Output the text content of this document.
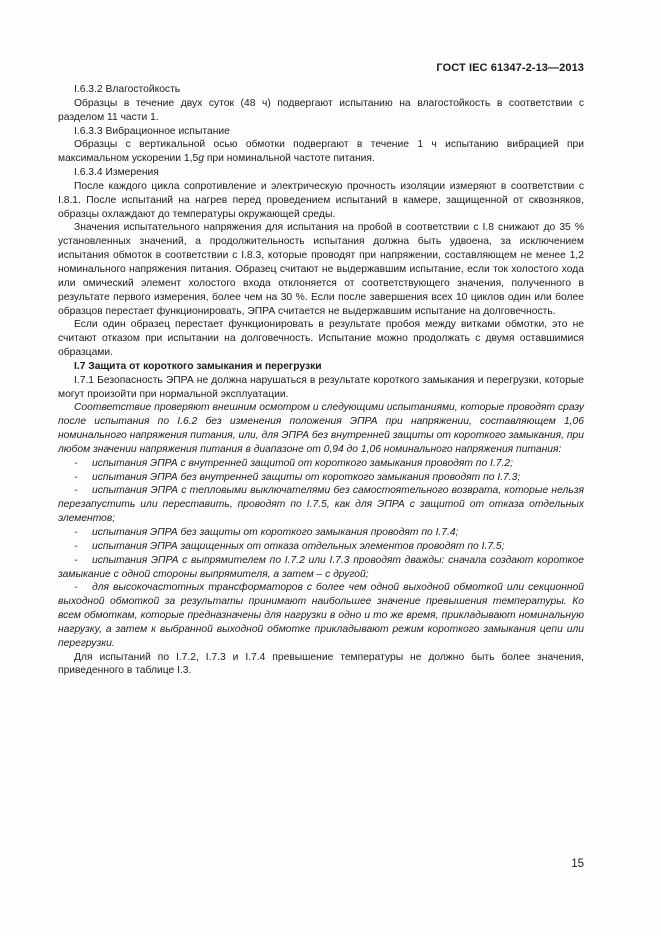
ГОСТ IEC 61347-2-13—2013

I.6.3.2 Влагостойкость

Образцы в течение двух суток (48 ч) подвергают испытанию на влагостойкость в соответствии с разделом 11 части 1.

I.6.3.3 Вибрационное испытание

Образцы с вертикальной осью обмотки подвергают в течение 1 ч испытанию вибрацией при максимальном ускорении 1,5g при номинальной частоте питания.

I.6.3.4 Измерения

После каждого цикла сопротивление и электрическую прочность изоляции измеряют в соответствии с I.8.1. После испытаний на нагрев перед проведением испытаний в камере, защищенной от сквозняков, образцы охлаждают до температуры окружающей среды.

Значения испытательного напряжения для испытания на пробой в соответствии с I.8 снижают до 35 % установленных значений, а продолжительность испытания должна быть удвоена, за исключением испытания обмоток в соответствии с I.8.3, которые проводят при напряжении, составляющем не менее 1,2 номинального напряжения питания. Образец считают не выдержавшим испытание, если ток холостого хода или омический элемент холостого входа отклоняется от соответствующего значения, полученного в результате первого измерения, более чем на 30 %. Если после завершения всех 10 циклов один или более образцов перестает функционировать, ЭПРА считается не выдержавшим испытание на долговечность.

Если один образец перестает функционировать в результате пробоя между витками обмотки, это не считают отказом при испытании на долговечность. Испытание можно продолжать с двумя оставшимися образцами.

I.7 Защита от короткого замыкания и перегрузки

I.7.1 Безопасность ЭПРА не должна нарушаться в результате короткого замыкания и перегрузки, которые могут произойти при нормальной эксплуатации.

Соответствие проверяют внешним осмотром и следующими испытаниями, которые проводят сразу после испытания по I.6.2 без изменения положения ЭПРА при напряжении, составляющем 1,06 номинального напряжения питания, или, для ЭПРА без внутренней защиты от короткого замыкания, при любом значении напряжения питания в диапазоне от 0,94 до 1,06 номинального напряжения питания:

- испытания ЭПРА с внутренней защитой от короткого замыкания проводят по I.7.2;

- испытания ЭПРА без внутренней защиты от короткого замыкания проводят по I.7.3;

- испытания ЭПРА с тепловыми выключателями без самостоятельного возврата, которые нельзя перезапустить или переставить, проводят по I.7.5, как для ЭПРА с защитой от отказа отдельных элементов;

- испытания ЭПРА без защиты от короткого замыкания проводят по I.7.4;

- испытания ЭПРА защищенных от отказа отдельных элементов проводят по I.7.5;

- испытания ЭПРА с выпрямителем по I.7.2 или I.7.3 проводят дважды: сначала создают короткое замыкание с одной стороны выпрямителя, а затем – с другой;

- для высокочастотных трансформаторов с более чем одной выходной обмоткой или секционной выходной обмоткой за результаты принимают наибольшее значение превышения температуры. Ко всем обмоткам, которые предназначены для нагрузки в одно и то же время, прикладывают номинальную нагрузку, а затем к выбранной выходной обмотке прикладывают режим короткого замыкания цепи или перегрузки.

Для испытаний по I.7.2, I.7.3 и I.7.4 превышение температуры не должно быть более значения, приведенного в таблице I.3.

15
